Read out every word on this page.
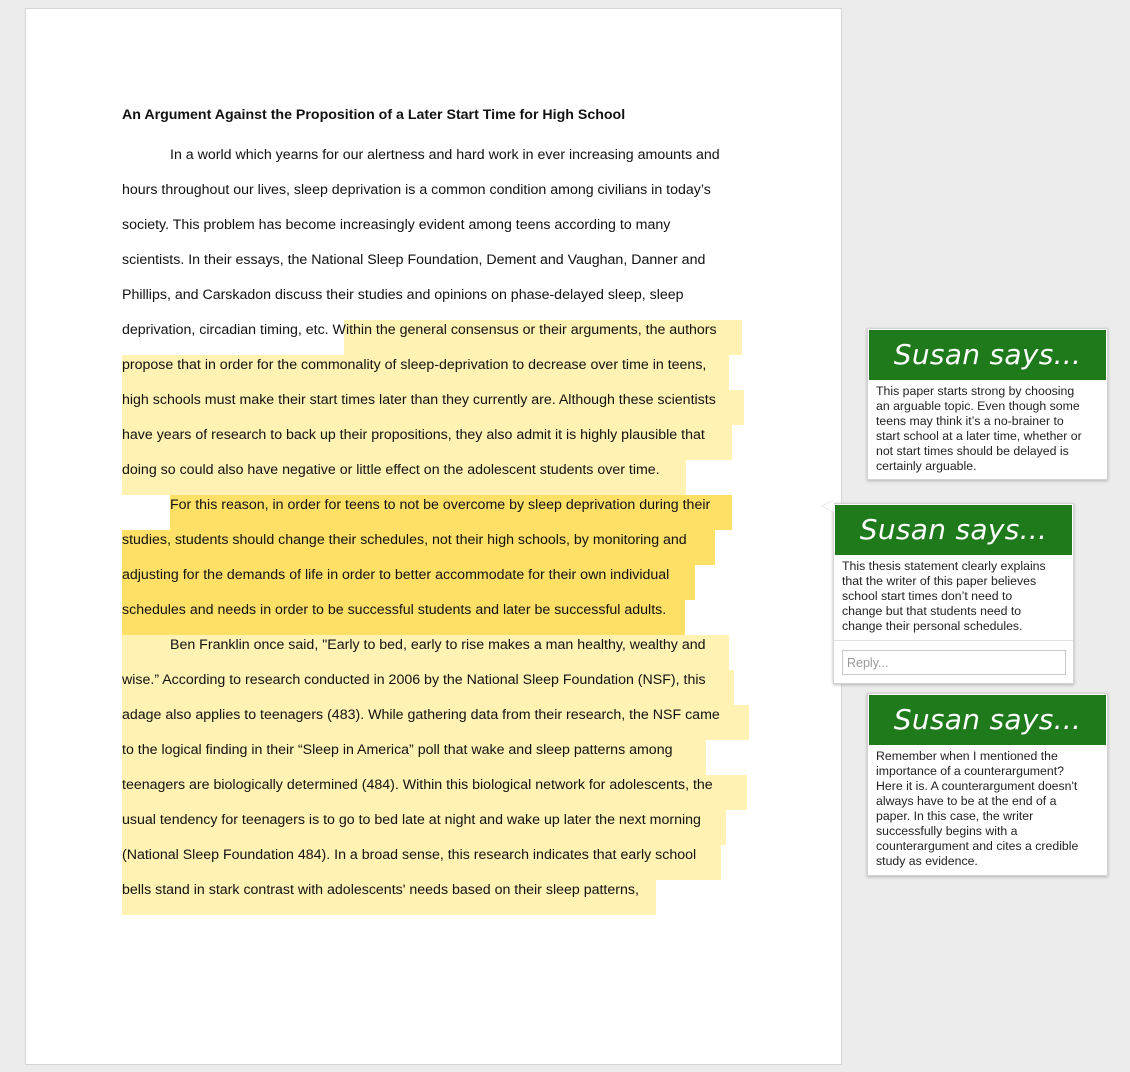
An Argument Against the Proposition of a Later Start Time for High School
In a world which yearns for our alertness and hard work in ever increasing amounts and
hours throughout our lives, sleep deprivation is a common condition among civilians in today’s
society. This problem has become increasingly evident among teens according to many
scientists. In their essays, the National Sleep Foundation, Dement and Vaughan, Danner and
Phillips, and Carskadon discuss their studies and opinions on phase-delayed sleep, sleep
deprivation, circadian timing, etc. Within the general consensus or their arguments, the authors
propose that in order for the commonality of sleep-deprivation to decrease over time in teens,
high schools must make their start times later than they currently are. Although these scientists
have years of research to back up their propositions, they also admit it is highly plausible that
doing so could also have negative or little effect on the adolescent students over time.
For this reason, in order for teens to not be overcome by sleep deprivation during their
studies, students should change their schedules, not their high schools, by monitoring and
adjusting for the demands of life in order to better accommodate for their own individual
schedules and needs in order to be successful students and later be successful adults.
Ben Franklin once said, "Early to bed, early to rise makes a man healthy, wealthy and
wise.” According to research conducted in 2006 by the National Sleep Foundation (NSF), this
adage also applies to teenagers (483). While gathering data from their research, the NSF came
to the logical finding in their “Sleep in America” poll that wake and sleep patterns among
teenagers are biologically determined (484). Within this biological network for adolescents, the
usual tendency for teenagers is to go to bed late at night and wake up later the next morning
(National Sleep Foundation 484). In a broad sense, this research indicates that early school
bells stand in stark contrast with adolescents' needs based on their sleep patterns,
Susan says...
This paper starts strong by choosing
an arguable topic. Even though some
teens may think it’s a no-brainer to
start school at a later time, whether or
not start times should be delayed is
certainly arguable.
Susan says...
This thesis statement clearly explains
that the writer of this paper believes
school start times don’t need to
change but that students need to
change their personal schedules.
Reply...
Susan says...
Remember when I mentioned the
importance of a counterargument?
Here it is. A counterargument doesn't
always have to be at the end of a
paper. In this case, the writer
successfully begins with a
counterargument and cites a credible
study as evidence.
